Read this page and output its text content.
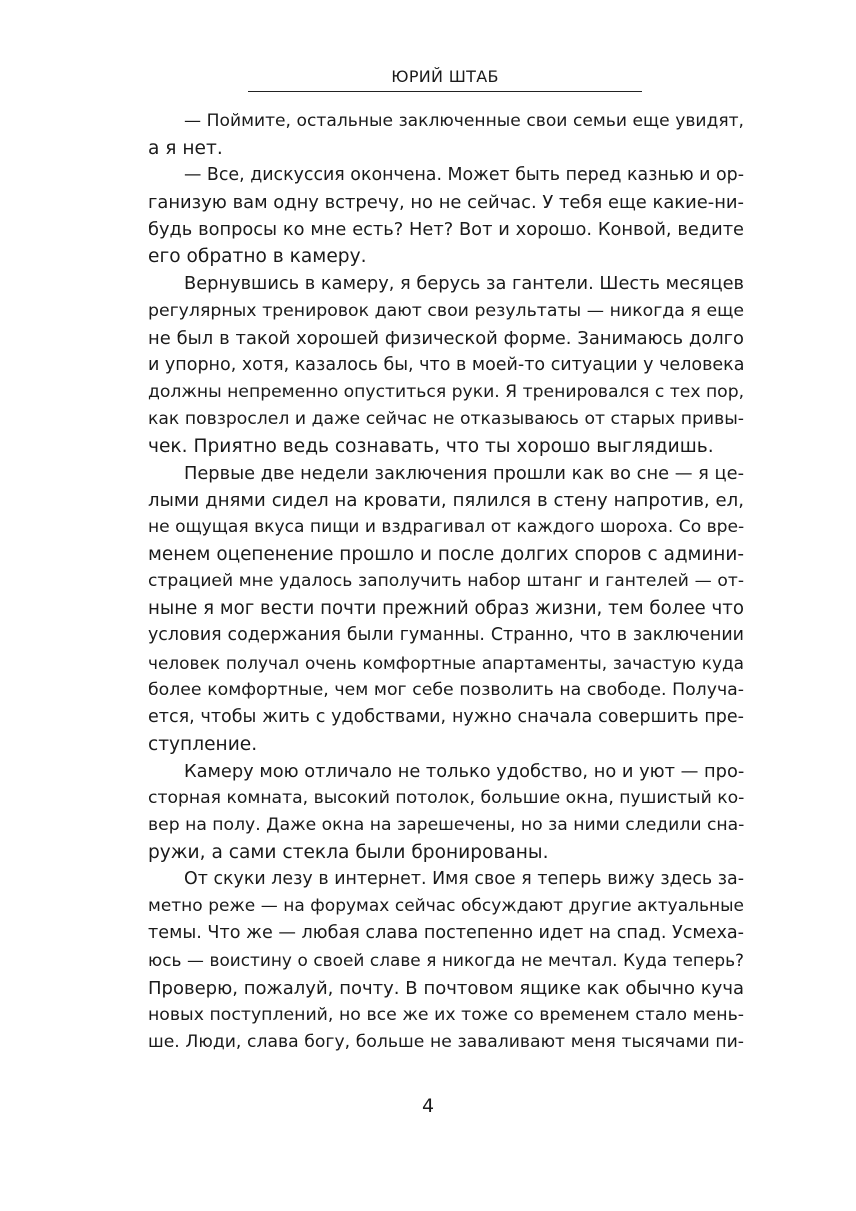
ЮРИЙ ШТАБ
— Поймите, остальные заключенные свои семьи еще увидят,
а я нет.
— Все, дискуссия окончена. Может быть перед казнью и ор-
ганизую вам одну встречу, но не сейчас. У тебя еще какие-ни-
будь вопросы ко мне есть? Нет? Вот и хорошо. Конвой, ведите
его обратно в камеру.
Вернувшись в камеру, я берусь за гантели. Шесть месяцев
регулярных тренировок дают свои результаты — никогда я еще
не был в такой хорошей физической форме. Занимаюсь долго
и упорно, хотя, казалось бы, что в моей-то ситуации у человека
должны непременно опуститься руки. Я тренировался с тех пор,
как повзрослел и даже сейчас не отказываюсь от старых привы-
чек. Приятно ведь сознавать, что ты хорошо выглядишь.
Первые две недели заключения прошли как во сне — я це-
лыми днями сидел на кровати, пялился в стену напротив, ел,
не ощущая вкуса пищи и вздрагивал от каждого шороха. Со вре-
менем оцепенение прошло и после долгих споров с админи-
страцией мне удалось заполучить набор штанг и гантелей — от-
ныне я мог вести почти прежний образ жизни, тем более что
условия содержания были гуманны. Странно, что в заключении
человек получал очень комфортные апартаменты, зачастую куда
более комфортные, чем мог себе позволить на свободе. Получа-
ется, чтобы жить с удобствами, нужно сначала совершить пре-
ступление.
Камеру мою отличало не только удобство, но и уют — про-
сторная комната, высокий потолок, большие окна, пушистый ко-
вер на полу. Даже окна на зарешечены, но за ними следили сна-
ружи, а сами стекла были бронированы.
От скуки лезу в интернет. Имя свое я теперь вижу здесь за-
метно реже — на форумах сейчас обсуждают другие актуальные
темы. Что же — любая слава постепенно идет на спад. Усмеха-
юсь — воистину о своей славе я никогда не мечтал. Куда теперь?
Проверю, пожалуй, почту. В почтовом ящике как обычно куча
новых поступлений, но все же их тоже со временем стало мень-
ше. Люди, слава богу, больше не заваливают меня тысячами пи-
4
